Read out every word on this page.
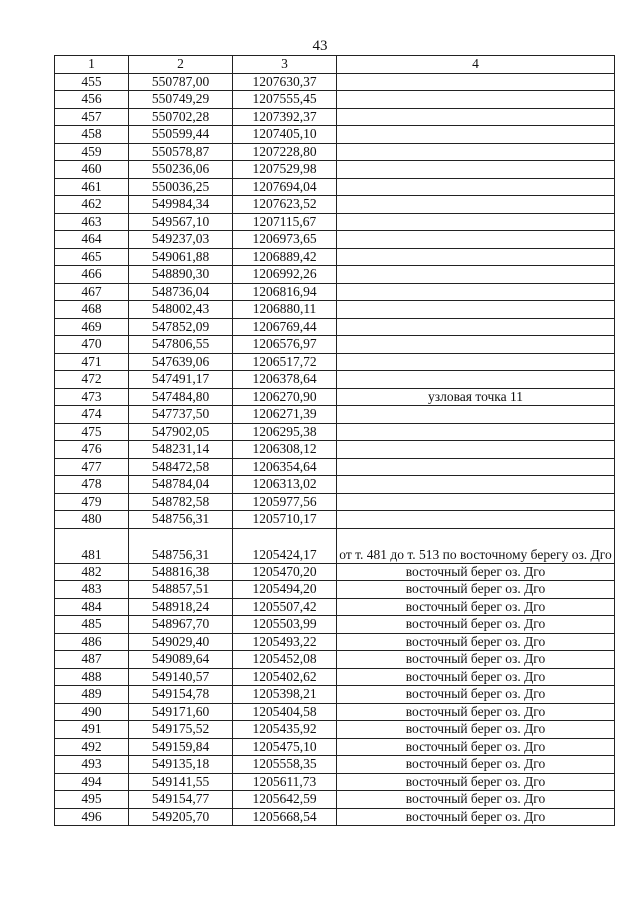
43
1	2	3	4
455	550787,00	1207630,37	
456	550749,29	1207555,45	
457	550702,28	1207392,37	
458	550599,44	1207405,10	
459	550578,87	1207228,80	
460	550236,06	1207529,98	
461	550036,25	1207694,04	
462	549984,34	1207623,52	
463	549567,10	1207115,67	
464	549237,03	1206973,65	
465	549061,88	1206889,42	
466	548890,30	1206992,26	
467	548736,04	1206816,94	
468	548002,43	1206880,11	
469	547852,09	1206769,44	
470	547806,55	1206576,97	
471	547639,06	1206517,72	
472	547491,17	1206378,64	
473	547484,80	1206270,90	узловая точка 11
474	547737,50	1206271,39	
475	547902,05	1206295,38	
476	548231,14	1206308,12	
477	548472,58	1206354,64	
478	548784,04	1206313,02	
479	548782,58	1205977,56	
480	548756,31	1205710,17	
481	548756,31	1205424,17	от т. 481 до т. 513 по восточному берегу оз. Дго
482	548816,38	1205470,20	восточный берег оз. Дго
483	548857,51	1205494,20	восточный берег оз. Дго
484	548918,24	1205507,42	восточный берег оз. Дго
485	548967,70	1205503,99	восточный берег оз. Дго
486	549029,40	1205493,22	восточный берег оз. Дго
487	549089,64	1205452,08	восточный берег оз. Дго
488	549140,57	1205402,62	восточный берег оз. Дго
489	549154,78	1205398,21	восточный берег оз. Дго
490	549171,60	1205404,58	восточный берег оз. Дго
491	549175,52	1205435,92	восточный берег оз. Дго
492	549159,84	1205475,10	восточный берег оз. Дго
493	549135,18	1205558,35	восточный берег оз. Дго
494	549141,55	1205611,73	восточный берег оз. Дго
495	549154,77	1205642,59	восточный берег оз. Дго
496	549205,70	1205668,54	восточный берег оз. Дго
